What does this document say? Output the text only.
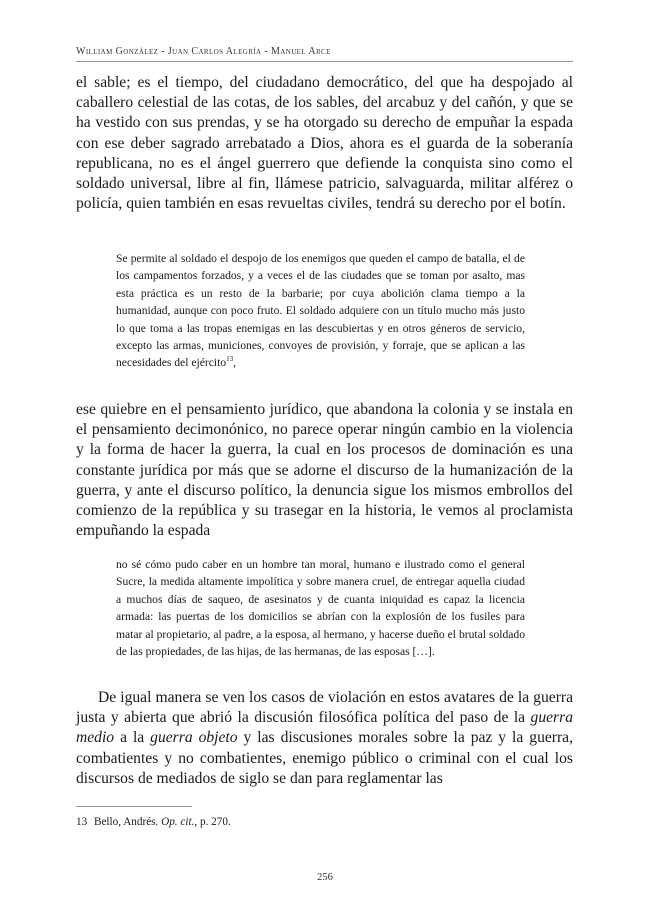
William González - Juan Carlos Alegría - Manuel Arce

el sable; es el tiempo, del ciudadano democrático, del que ha despojado al caballero celestial de las cotas, de los sables, del arcabuz y del cañón, y que se ha vestido con sus prendas, y se ha otorgado su derecho de empuñar la espada con ese deber sagrado arrebatado a Dios, ahora es el guarda de la soberanía republicana, no es el ángel guerrero que defiende la conquista sino como el soldado universal, libre al fin, llámese patricio, salvaguarda, militar alférez o policía, quien también en esas revueltas civiles, tendrá su derecho por el botín.

Se permite al soldado el despojo de los enemigos que queden el campo de batalla, el de los campamentos forzados, y a veces el de las ciudades que se toman por asalto, mas esta práctica es un resto de la barbarie; por cuya abolición clama tiempo a la humanidad, aunque con poco fruto. El soldado adquiere con un título mucho más justo lo que toma a las tropas enemigas en las descubiertas y en otros géneros de servicio, excepto las armas, municiones, convoyes de provisión, y forraje, que se aplican a las necesidades del ejército$^{13}$,

ese quiebre en el pensamiento jurídico, que abandona la colonia y se instala en el pensamiento decimonónico, no parece operar ningún cambio en la violencia y la forma de hacer la guerra, la cual en los procesos de dominación es una constante jurídica por más que se adorne el discurso de la humanización de la guerra, y ante el discurso político, la denuncia sigue los mismos embrollos del comienzo de la república y su trasegar en la historia, le vemos al proclamista empuñando la espada

no sé cómo pudo caber en un hombre tan moral, humano e ilustrado como el general Sucre, la medida altamente impolítica y sobre manera cruel, de entregar aquella ciudad a muchos días de saqueo, de asesinatos y de cuanta iniquidad es capaz la licencia armada: las puertas de los domicilios se abrían con la explosión de los fusiles para matar al propietario, al padre, a la esposa, al hermano, y hacerse dueño el brutal soldado de las propiedades, de las hijas, de las hermanas, de las esposas […].

De igual manera se ven los casos de violación en estos avatares de la guerra justa y abierta que abrió la discusión filosófica política del paso de la guerra medio a la guerra objeto y las discusiones morales sobre la paz y la guerra, combatientes y no combatientes, enemigo público o criminal con el cual los discursos de mediados de siglo se dan para reglamentar las

13 Bello, Andrés. Op. cit., p. 270.
256
